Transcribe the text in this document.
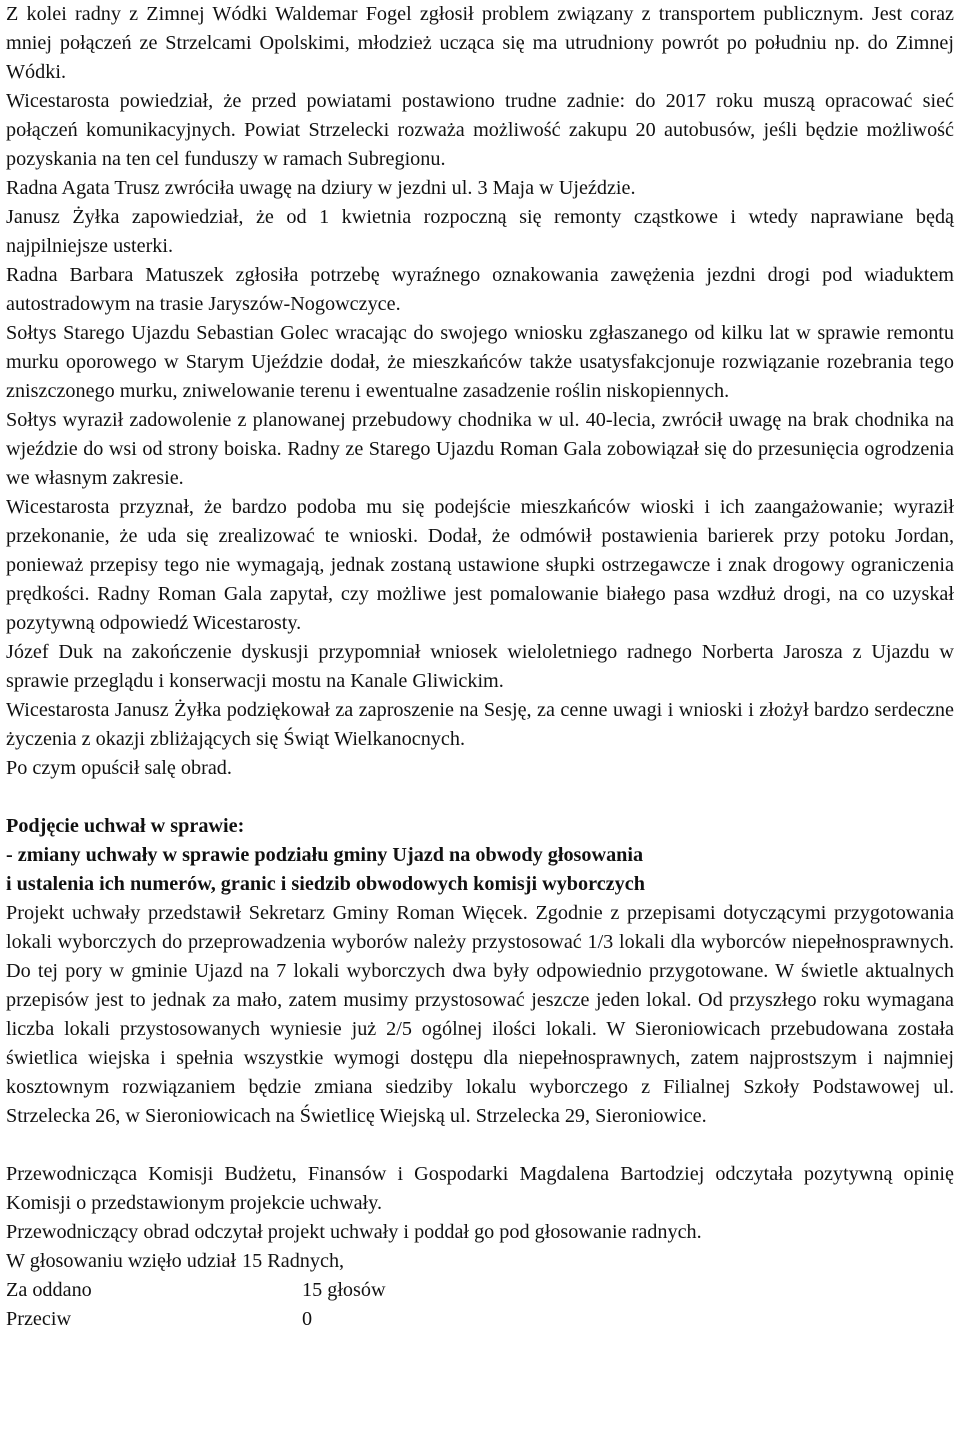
Z kolei radny z Zimnej Wódki Waldemar Fogel zgłosił problem związany z transportem publicznym. Jest coraz mniej połączeń ze Strzelcami Opolskimi, młodzież ucząca się ma utrudniony powrót po południu np. do Zimnej Wódki.

Wicestarosta powiedział, że przed powiatami postawiono trudne zadnie: do 2017 roku muszą opracować sieć połączeń komunikacyjnych. Powiat Strzelecki rozważa możliwość zakupu 20 autobusów, jeśli będzie możliwość pozyskania na ten cel funduszy w ramach Subregionu.

Radna Agata Trusz zwróciła uwagę na dziury w jezdni ul. 3 Maja w Ujeździe.

Janusz Żyłka zapowiedział, że od 1 kwietnia rozpoczną się remonty cząstkowe i wtedy naprawiane będą najpilniejsze usterki.

Radna Barbara Matuszek zgłosiła potrzebę wyraźnego oznakowania zawężenia jezdni drogi pod wiaduktem autostradowym na trasie Jaryszów-Nogowczyce.

Sołtys Starego Ujazdu Sebastian Golec wracając do swojego wniosku zgłaszanego od kilku lat w sprawie remontu murku oporowego w Starym Ujeździe dodał, że mieszkańców także usatysfakcjonuje rozwiązanie rozebrania tego zniszczonego murku, zniwelowanie terenu i ewentualne zasadzenie roślin niskopiennych.

Sołtys wyraził zadowolenie z planowanej przebudowy chodnika w ul. 40-lecia, zwrócił uwagę na brak chodnika na wjeździe do wsi od strony boiska. Radny ze Starego Ujazdu Roman Gala zobowiązał się do przesunięcia ogrodzenia we własnym zakresie.

Wicestarosta przyznał, że bardzo podoba mu się podejście mieszkańców wioski i ich zaangażowanie; wyraził przekonanie, że uda się zrealizować te wnioski. Dodał, że odmówił postawienia barierek przy potoku Jordan, ponieważ przepisy tego nie wymagają, jednak zostaną ustawione słupki ostrzegawcze i znak drogowy ograniczenia prędkości. Radny Roman Gala zapytał, czy możliwe jest pomalowanie białego pasa wzdłuż drogi, na co uzyskał pozytywną odpowiedź Wicestarosty.

Józef Duk na zakończenie dyskusji przypomniał wniosek wieloletniego radnego Norberta Jarosza z Ujazdu w sprawie przeglądu i konserwacji mostu na Kanale Gliwickim.

Wicestarosta Janusz Żyłka podziękował za zaproszenie na Sesję, za cenne uwagi i wnioski i złożył bardzo serdeczne życzenia z okazji zbliżających się Świąt Wielkanocnych.

Po czym opuścił salę obrad.

Podjęcie uchwał w sprawie:

- zmiany uchwały w sprawie podziału gminy Ujazd na obwody głosowania

i ustalenia ich numerów, granic i siedzib obwodowych komisji wyborczych

Projekt uchwały przedstawił Sekretarz Gminy Roman Więcek. Zgodnie z przepisami dotyczącymi przygotowania lokali wyborczych do przeprowadzenia wyborów należy przystosować 1/3 lokali dla wyborców niepełnosprawnych. Do tej pory w gminie Ujazd na 7 lokali wyborczych dwa były odpowiednio przygotowane. W świetle aktualnych przepisów jest to jednak za mało, zatem musimy przystosować jeszcze jeden lokal. Od przyszłego roku wymagana liczba lokali przystosowanych wyniesie już 2/5 ogólnej ilości lokali. W Sieroniowicach przebudowana została świetlica wiejska i spełnia wszystkie wymogi dostępu dla niepełnosprawnych, zatem najprostszym i najmniej kosztownym rozwiązaniem będzie zmiana siedziby lokalu wyborczego z Filialnej Szkoły Podstawowej ul. Strzelecka 26, w Sieroniowicach na Świetlicę Wiejską ul. Strzelecka 29, Sieroniowice.

Przewodnicząca Komisji Budżetu, Finansów i Gospodarki Magdalena Bartodziej odczytała pozytywną opinię Komisji o przedstawionym projekcie uchwały.

Przewodniczący obrad odczytał projekt uchwały i poddał go pod głosowanie radnych.

W głosowaniu wzięło udział 15 Radnych,
Za oddano	15 głosów
Przeciw	0
